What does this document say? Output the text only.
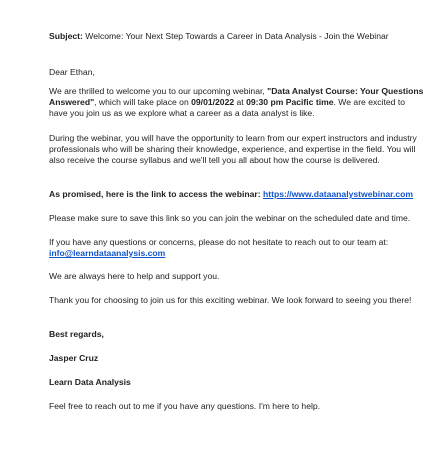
Subject: Welcome: Your Next Step Towards a Career in Data Analysis - Join the Webinar

Dear Ethan,

We are thrilled to welcome you to our upcoming webinar, "Data Analyst Course: Your Questions Answered", which will take place on 09/01/2022 at 09:30 pm Pacific time. We are excited to have you join us as we explore what a career as a data analyst is like.

During the webinar, you will have the opportunity to learn from our expert instructors and industry professionals who will be sharing their knowledge, experience, and expertise in the field. You will also receive the course syllabus and we'll tell you all about how the course is delivered.

As promised, here is the link to access the webinar: https://www.dataanalystwebinar.com

Please make sure to save this link so you can join the webinar on the scheduled date and time.

If you have any questions or concerns, please do not hesitate to reach out to our team at: info@learndataanalysis.com

We are always here to help and support you.

Thank you for choosing to join us for this exciting webinar. We look forward to seeing you there!

Best regards,

Jasper Cruz

Learn Data Analysis

Feel free to reach out to me if you have any questions. I'm here to help.
